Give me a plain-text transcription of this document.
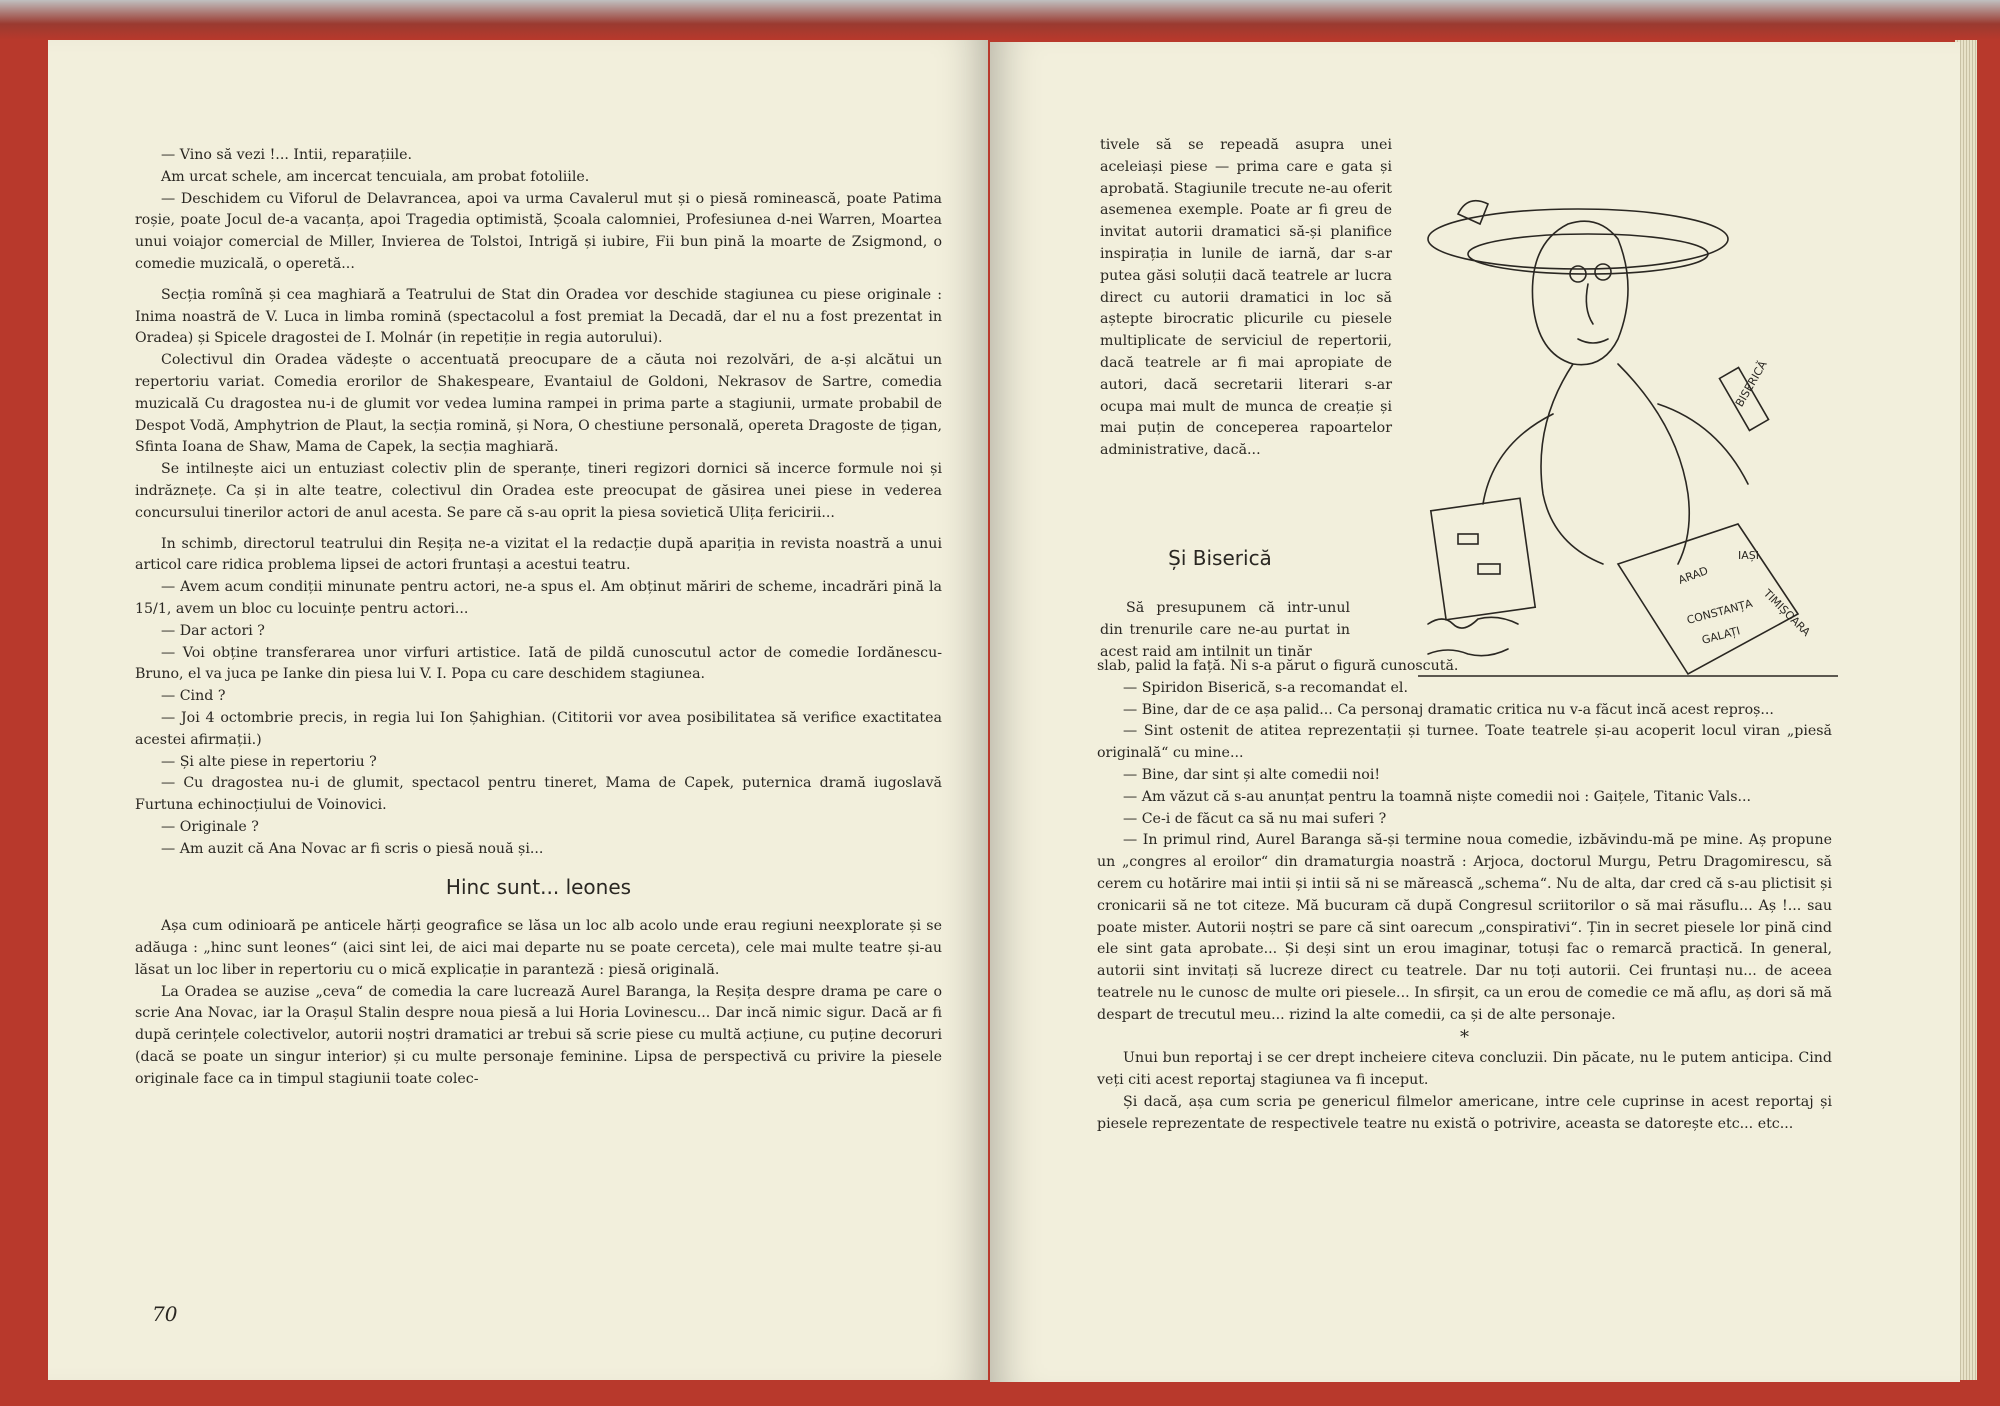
— Vino să vezi !... Intii, reparațiile.

Am urcat schele, am incercat tencuiala, am probat fotoliile.

— Deschidem cu Viforul de Delavrancea, apoi va urma Cavalerul mut și o piesă rominească, poate Patima roșie, poate Jocul de-a vacanța, apoi Tragedia optimistă, Școala calomniei, Profesiunea d-nei Warren, Moartea unui voiajor comercial de Miller, Invierea de Tolstoi, Intrigă și iubire, Fii bun pină la moarte de Zsigmond, o comedie muzicală, o operetă...

Secția romînă și cea maghiară a Teatrului de Stat din Oradea vor deschide stagiunea cu piese originale : Inima noastră de V. Luca in limba romină (spectacolul a fost premiat la Decadă, dar el nu a fost prezentat in Oradea) și Spicele dragostei de I. Molnár (in repetiție in regia autorului).

Colectivul din Oradea vădește o accentuată preocupare de a căuta noi rezolvări, de a-și alcătui un repertoriu variat. Comedia erorilor de Shakespeare, Evantaiul de Goldoni, Nekrasov de Sartre, comedia muzicală Cu dragostea nu-i de glumit vor vedea lumina rampei in prima parte a stagiunii, urmate probabil de Despot Vodă, Amphytrion de Plaut, la secția romină, și Nora, O chestiune personală, opereta Dragoste de țigan, Sfinta Ioana de Shaw, Mama de Capek, la secția maghiară.

Se intilnește aici un entuziast colectiv plin de speranțe, tineri regizori dornici să incerce formule noi și indrăznețe. Ca și in alte teatre, colectivul din Oradea este preocupat de găsirea unei piese in vederea concursului tinerilor actori de anul acesta. Se pare că s-au oprit la piesa sovietică Ulița fericirii...

In schimb, directorul teatrului din Reșița ne-a vizitat el la redacție după apariția in revista noastră a unui articol care ridica problema lipsei de actori fruntași a acestui teatru.

— Avem acum condiții minunate pentru actori, ne-a spus el. Am obținut măriri de scheme, incadrări pină la 15/1, avem un bloc cu locuințe pentru actori...

— Dar actori ?

— Voi obține transferarea unor virfuri artistice. Iată de pildă cunoscutul actor de comedie Iordănescu-Bruno, el va juca pe Ianke din piesa lui V. I. Popa cu care deschidem stagiunea.

— Cind ?

— Joi 4 octombrie precis, in regia lui Ion Șahighian. (Cititorii vor avea posibilitatea să verifice exactitatea acestei afirmații.)

— Și alte piese in repertoriu ?

— Cu dragostea nu-i de glumit, spectacol pentru tineret, Mama de Capek, puternica dramă iugoslavă Furtuna echinocțiului de Voinovici.

— Originale ?

— Am auzit că Ana Novac ar fi scris o piesă nouă și...

Hinc sunt... leones

Așa cum odinioară pe anticele hărți geografice se lăsa un loc alb acolo unde erau regiuni neexplorate și se adăuga : „hinc sunt leones“ (aici sint lei, de aici mai departe nu se poate cerceta), cele mai multe teatre și-au lăsat un loc liber in repertoriu cu o mică explicație in paranteză : piesă originală.

La Oradea se auzise „ceva“ de comedia la care lucrează Aurel Baranga, la Reșița despre drama pe care o scrie Ana Novac, iar la Orașul Stalin despre noua piesă a lui Horia Lovinescu... Dar incă nimic sigur. Dacă ar fi după cerințele colectivelor, autorii noștri dramatici ar trebui să scrie piese cu multă acțiune, cu puține decoruri (dacă se poate un singur interior) și cu multe personaje feminine. Lipsa de perspectivă cu privire la piesele originale face ca in timpul stagiunii toate colec-

70

tivele să se repeadă asupra unei aceleiași piese — prima care e gata și aprobată. Stagiunile trecute ne-au oferit asemenea exemple. Poate ar fi greu de invitat autorii dramatici să-și planifice inspirația in lunile de iarnă, dar s-ar putea găsi soluții dacă teatrele ar lucra direct cu autorii dramatici in loc să aștepte birocratic plicurile cu piesele multiplicate de serviciul de repertorii, dacă teatrele ar fi mai apropiate de autori, dacă secretarii literari s-ar ocupa mai mult de munca de creație și mai puțin de conceperea rapoartelor administrative, dacă...

Și Biserică

Să presupunem că intr-unul din trenurile care ne-au purtat in acest raid am intilnit un tinăr

slab, palid la față. Ni s-a părut o figură cunoscută.

— Spiridon Biserică, s-a recomandat el.

— Bine, dar de ce așa palid... Ca personaj dramatic critica nu v-a făcut incă acest reproș...

— Sint ostenit de atitea reprezentații și turnee. Toate teatrele și-au acoperit locul viran „piesă originală“ cu mine...

— Bine, dar sint și alte comedii noi!

— Am văzut că s-au anunțat pentru la toamnă niște comedii noi : Gaițele, Titanic Vals...

— Ce-i de făcut ca să nu mai suferi ?

— In primul rind, Aurel Baranga să-și termine noua comedie, izbăvindu-mă pe mine. Aș propune un „congres al eroilor“ din dramaturgia noastră : Arjoca, doctorul Murgu, Petru Dragomirescu, să cerem cu hotărire mai intii și intii să ni se mărească „schema“. Nu de alta, dar cred că s-au plictisit și cronicarii să ne tot citeze. Mă bucuram că după Congresul scriitorilor o să mai răsuflu... Aș !... sau poate mister. Autorii noștri se pare că sint oarecum „conspirativi“. Țin in secret piesele lor pină cind ele sint gata aprobate... Și deși sint un erou imaginar, totuși fac o remarcă practică. In general, autorii sint invitați să lucreze direct cu teatrele. Dar nu toți autorii. Cei fruntași nu... de aceea teatrele nu le cunosc de multe ori piesele... In sfirșit, ca un erou de comedie ce mă aflu, aș dori să mă despart de trecutul meu... rizind la alte comedii, ca și de alte personaje.

*

Unui bun reportaj i se cer drept incheiere citeva concluzii. Din păcate, nu le putem anticipa. Cind veți citi acest reportaj stagiunea va fi inceput.

Și dacă, așa cum scria pe genericul filmelor americane, intre cele cuprinse in acest reportaj și piesele reprezentate de respectivele teatre nu există o potrivire, aceasta se datorește etc... etc...

BISERICĂ
IAȘI
CONSTANȚA TIMIȘOARA
GALAȚI
ARAD
